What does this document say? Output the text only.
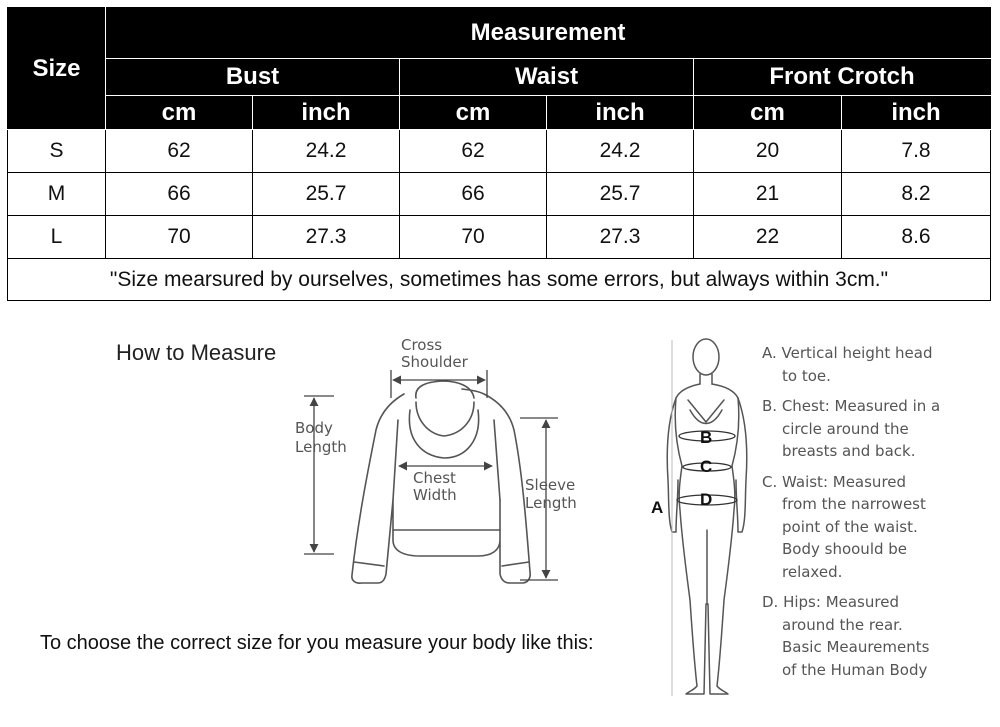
Size	Measurement					
	Bust		Waist		Front Crotch	
	cm	inch	cm	inch	cm	inch
S	62	24.2	62	24.2	20	7.8
M	66	25.7	66	25.7	21	8.2
L	70	27.3	70	27.3	22	8.6
"Size mearsured by ourselves, sometimes has some errors, but always within 3cm."						
How to Measure
To choose the correct size for you measure your body like this:
Cross Shoulder
Body Length
Chest Width
Sleeve Length
B
C
D
A

A. Vertical height head
to toe.

B. Chest: Measured in a
circle around the
breasts and back.

C. Waist: Measured
from the narrowest
point of the waist.
Body shoould be
relaxed.

D. Hips: Measured
around the rear.
Basic Meaurements
of the Human Body
